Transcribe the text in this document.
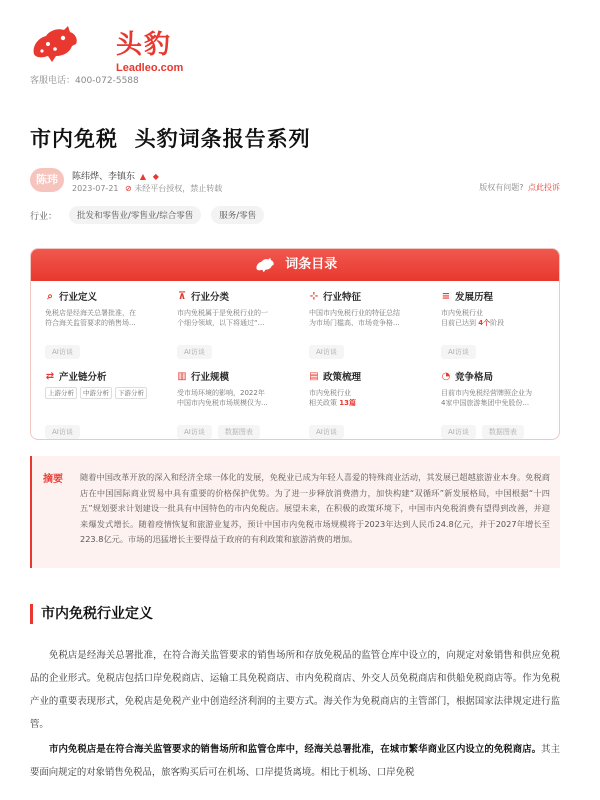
头豹
Leadleo.com
客服电话：400-072-5588
市内免税  头豹词条报告系列
陈玮	陈纬烨、李镇东 ▲ ◆
2023-07-21 ⊘ 未经平台授权，禁止转载	版权有问题? 点此投诉
行业：	批发和零售业/零售业/综合零售	服务/零售
词条目录
⌕ 行业定义
免税店是经海关总署批准，在
符合海关监管要求的销售场...
AI访谈
⊼ 行业分类
市内免税属于是免税行业的一
个细分领域，以下将通过“...
AI访谈
⊹ 行业特征
中国市内免税行业的特征总结
为市场门槛高、市场竞争格...
AI访谈
≡ 发展历程
市内免税行业
目前已达到 4个阶段
AI访谈
⇄ 产业链分析
上游分析	中游分析	下游分析
AI访谈
▥ 行业规模
受市场环境的影响，2022年
中国市内免税市场规模仅为...
AI访谈	数据图表
▤ 政策梳理
市内免税行业
相关政策 13篇
AI访谈
◔ 竞争格局
目前市内免税经营牌照企业为
4家中国旅游集团中免股份...
AI访谈	数据图表
摘要 随着中国改革开放的深入和经济全球一体化的发展，免税业已成为年轻人喜爱的特殊商业活动，其发展已超越旅游业本身。免税商店在中国国际商业贸易中具有重要的价格保护优势。为了进一步释放消费潜力，加快构建“双循环”新发展格局，中国根据“十四五”规划要求计划建设一批具有中国特色的市内免税店。展望未来，在积极的政策环境下，中国市内免税消费有望得到改善，并迎来爆发式增长。随着疫情恢复和旅游业复苏，预计中国市内免税市场规模将于2023年达到人民币24.8亿元，并于2027年增长至223.8亿元。市场的迅猛增长主要得益于政府的有利政策和旅游消费的增加。
市内免税行业定义
免税店是经海关总署批准，在符合海关监管要求的销售场所和存放免税品的监管仓库中设立的，向规定对象销售和供应免税品的企业形式。免税店包括口岸免税商店、运输工具免税商店、市内免税商店、外交人员免税商店和供船免税商店等。作为免税产业的重要表现形式，免税店是免税产业中创造经济利润的主要方式。海关作为免税商店的主管部门，根据国家法律规定进行监管。
市内免税店是在符合海关监管要求的销售场所和监管仓库中，经海关总署批准，在城市繁华商业区内设立的免税商店。其主要面向规定的对象销售免税品，旅客购买后可在机场、口岸提货离境。相比于机场、口岸免税
